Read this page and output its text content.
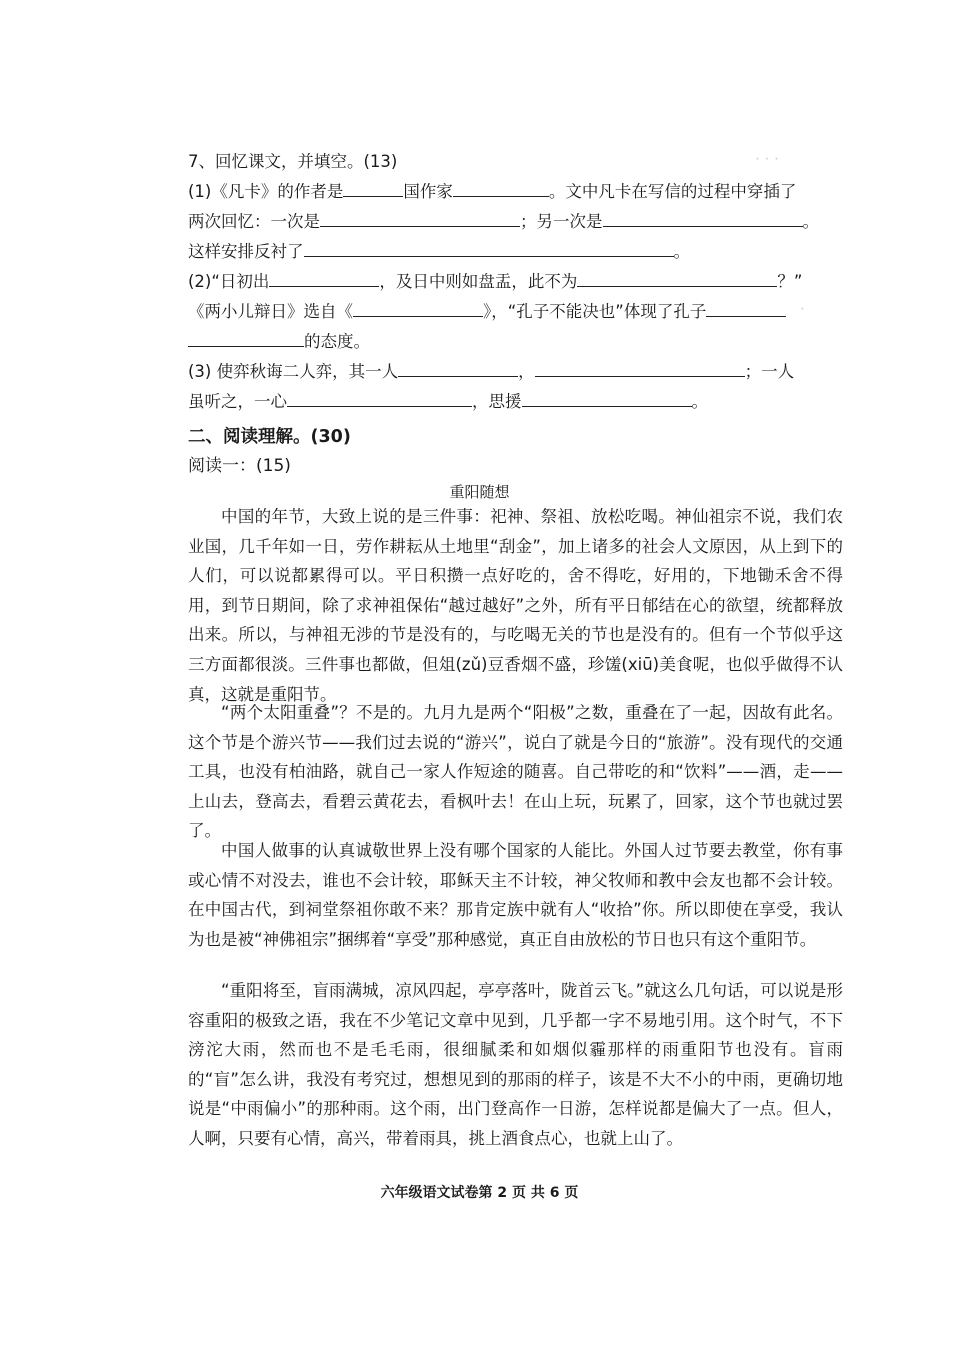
· · ·
·
7、回忆课文，并填空。(13)
(1)《凡卡》的作者是	国作家	。文中凡卡在写信的过程中穿插了
两次回忆：一次是	；另一次是	。
这样安排反衬了	。
(2)“日初出	，及日中则如盘盂，此不为	？”
《两小儿辩日》选自《	》，“孔子不能决也”体现了孔子
的态度。
(3) 使弈秋诲二人弈，其一人	，	；一人
虽听之，一心	，思援	。
二、阅读理解。(30)
阅读一：(15)
重阳随想

中国的年节，大致上说的是三件事：祀神、祭祖、放松吃喝。神仙祖宗不说，我们农业国，几千年如一日，劳作耕耘从土地里“刮金”，加上诸多的社会人文原因，从上到下的人们，可以说都累得可以。平日积攒一点好吃的，舍不得吃，好用的，下地锄禾舍不得用，到节日期间，除了求神祖保佑“越过越好”之外，所有平日郁结在心的欲望，统都释放出来。所以，与神祖无涉的节是没有的，与吃喝无关的节也是没有的。但有一个节似乎这三方面都很淡。三件事也都做，但俎(zǔ)豆香烟不盛，珍馐(xiū)美食呢，也似乎做得不认真，这就是重阳节。

“两个太阳重叠”？不是的。九月九是两个“阳极”之数，重叠在了一起，因故有此名。这个节是个游兴节——我们过去说的“游兴”，说白了就是今日的“旅游”。没有现代的交通工具，也没有柏油路，就自己一家人作短途的随喜。自己带吃的和“饮料”——酒，走——上山去，登高去，看碧云黄花去，看枫叶去！在山上玩，玩累了，回家，这个节也就过罢了。

中国人做事的认真诚敬世界上没有哪个国家的人能比。外国人过节要去教堂，你有事或心情不对没去，谁也不会计较，耶稣天主不计较，神父牧师和教中会友也都不会计较。在中国古代，到祠堂祭祖你敢不来？那肯定族中就有人“收拾”你。所以即使在享受，我认为也是被“神佛祖宗”捆绑着“享受”那种感觉，真正自由放松的节日也只有这个重阳节。

“重阳将至，盲雨满城，凉风四起，亭亭落叶，陇首云飞。”就这么几句话，可以说是形容重阳的极致之语，我在不少笔记文章中见到，几乎都一字不易地引用。这个时气，不下滂沱大雨，然而也不是毛毛雨，很细腻柔和如烟似霾那样的雨重阳节也没有。盲雨的“盲”怎么讲，我没有考究过，想想见到的那雨的样子，该是不大不小的中雨，更确切地说是“中雨偏小”的那种雨。这个雨，出门登高作一日游，怎样说都是偏大了一点。但人，人啊，只要有心情，高兴，带着雨具，挑上酒食点心，也就上山了。

六年级语文试卷第 2 页 共 6 页
